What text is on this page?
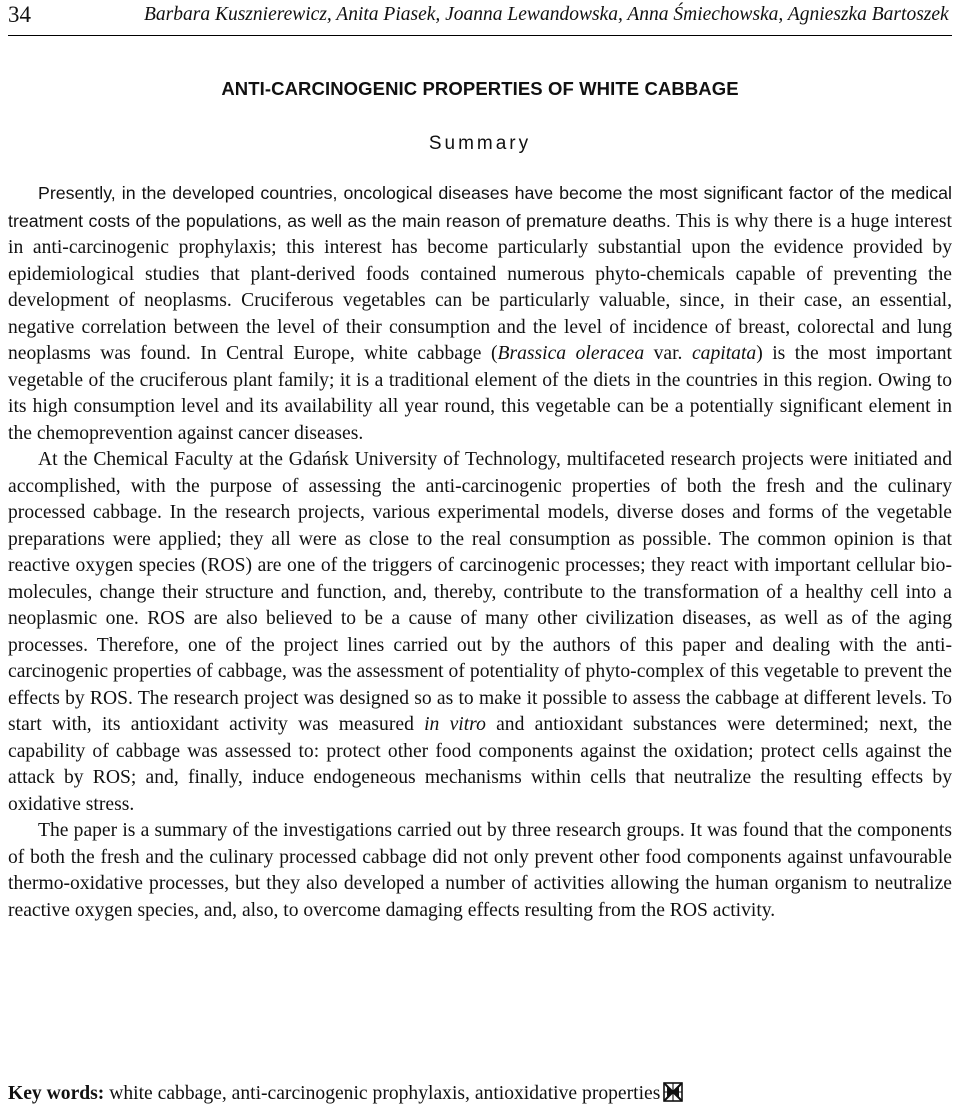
34	Barbara Kusznierewicz, Anita Piasek, Joanna Lewandowska, Anna Śmiechowska, Agnieszka Bartoszek
ANTI-CARCINOGENIC PROPERTIES OF WHITE CABBAGE
Summary

Presently, in the developed countries, oncological diseases have become the most significant factor of the medical treatment costs of the populations, as well as the main reason of premature deaths. This is why there is a huge interest in anti-carcinogenic prophylaxis; this interest has become particularly substantial upon the evidence provided by epidemiological studies that plant-derived foods contained numerous phyto-chemicals capable of preventing the development of neoplasms. Cruciferous vegetables can be particularly valuable, since, in their case, an essential, negative correlation between the level of their consumption and the level of incidence of breast, colorectal and lung neoplasms was found. In Central Europe, white cabbage (Brassica oleracea var. capitata) is the most important vegetable of the cruciferous plant family; it is a traditional element of the diets in the countries in this region. Owing to its high consumption level and its availability all year round, this vegetable can be a potentially significant element in the chemoprevention against cancer diseases.

At the Chemical Faculty at the Gdańsk University of Technology, multifaceted research projects were initiated and accomplished, with the purpose of assessing the anti-carcinogenic properties of both the fresh and the culinary processed cabbage. In the research projects, various experimental models, diverse doses and forms of the vegetable preparations were applied; they all were as close to the real consumption as possible. The common opinion is that reactive oxygen species (ROS) are one of the triggers of carcinogenic processes; they react with important cellular bio-molecules, change their structure and function, and, thereby, contribute to the transformation of a healthy cell into a neoplasmic one. ROS are also believed to be a cause of many other civilization diseases, as well as of the aging processes. Therefore, one of the project lines carried out by the authors of this paper and dealing with the anti-carcinogenic properties of cabbage, was the assessment of potentiality of phyto-complex of this vegetable to prevent the effects by ROS. The research project was designed so as to make it possible to assess the cabbage at different levels. To start with, its antioxidant activity was measured in vitro and antioxidant substances were determined; next, the capability of cabbage was assessed to: protect other food components against the oxidation; protect cells against the attack by ROS; and, finally, induce endogeneous mechanisms within cells that neutralize the resulting effects by oxidative stress.

The paper is a summary of the investigations carried out by three research groups. It was found that the components of both the fresh and the culinary processed cabbage did not only prevent other food components against unfavourable thermo-oxidative processes, but they also developed a number of activities allowing the human organism to neutralize reactive oxygen species, and, also, to overcome damaging effects resulting from the ROS activity.

Key words: white cabbage, anti-carcinogenic prophylaxis, antioxidative properties
